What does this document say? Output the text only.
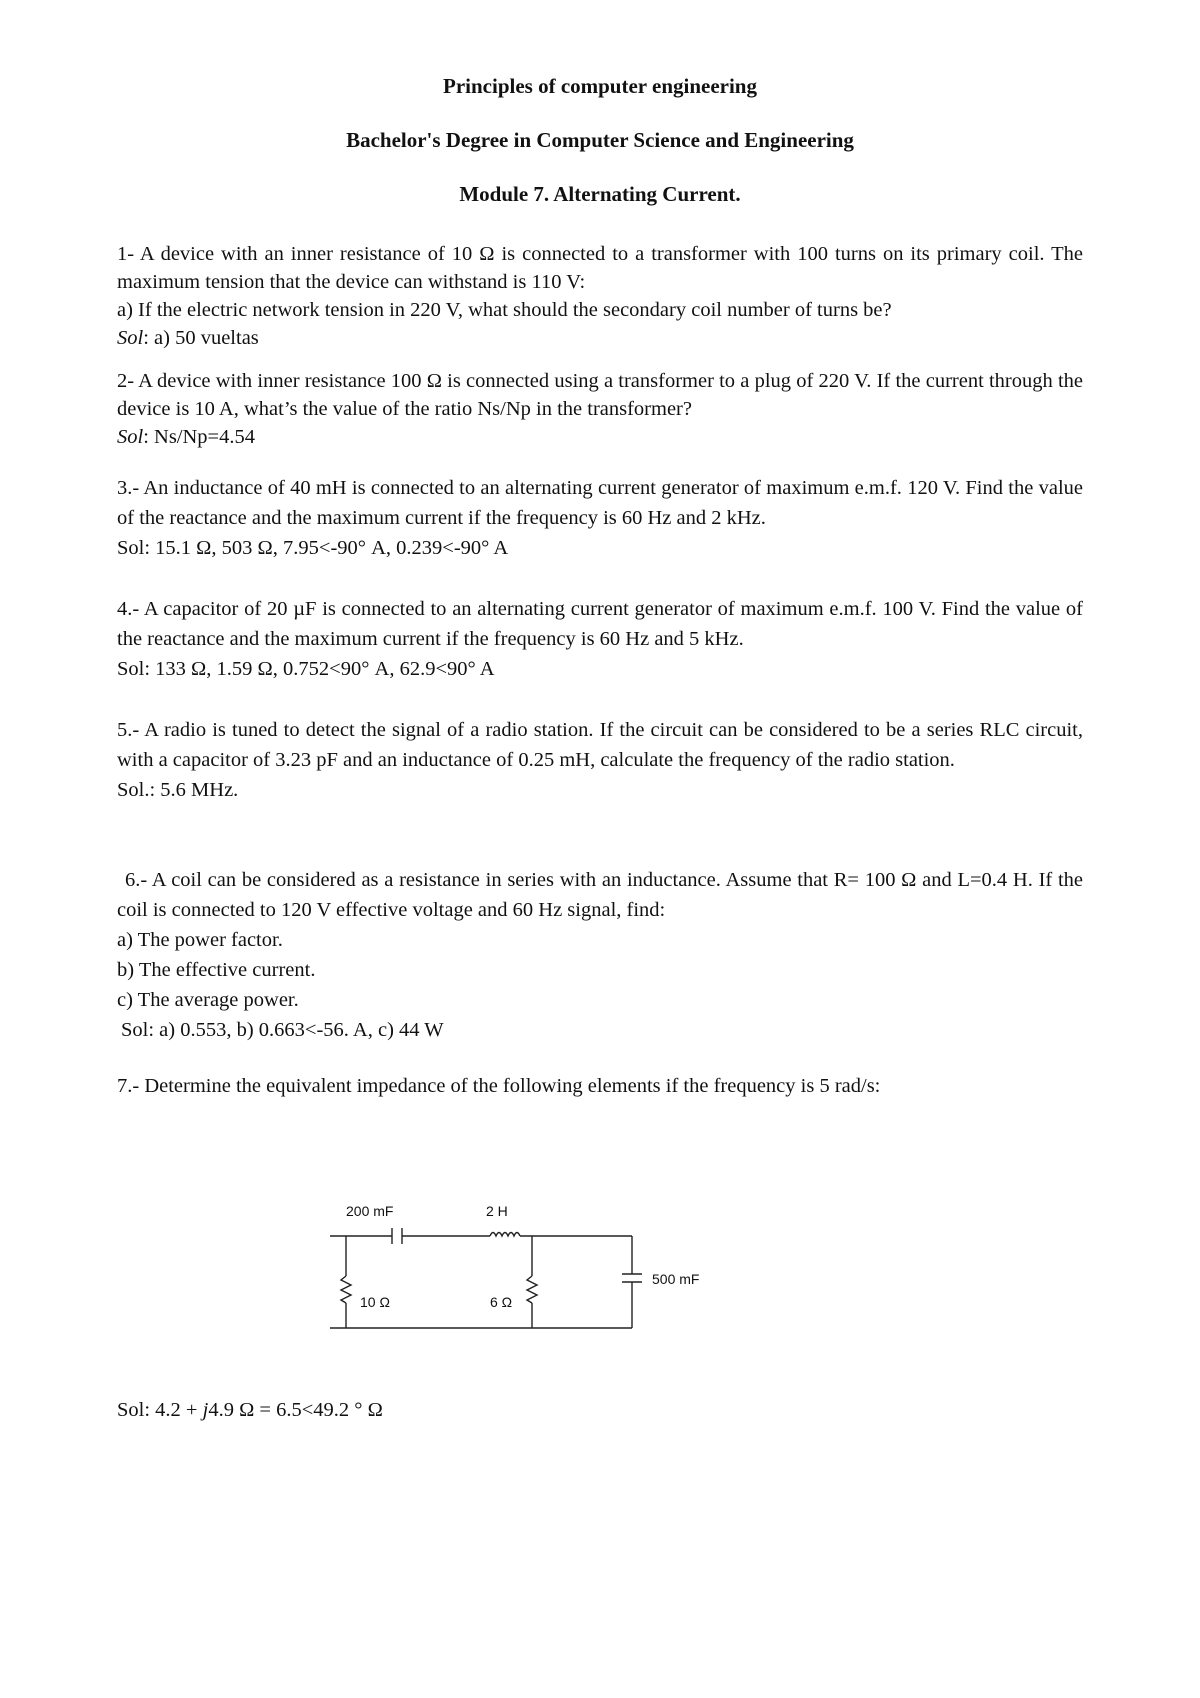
Principles of computer engineering
Bachelor's Degree in Computer Science and Engineering
Module 7. Alternating Current.

1- A device with an inner resistance of 10 Ω is connected to a transformer with 100 turns on its primary coil. The maximum tension that the device can withstand is 110 V:

a) If the electric network tension in 220 V, what should the secondary coil number of turns be?

Sol: a) 50 vueltas

2- A device with inner resistance 100 Ω is connected using a transformer to a plug of 220 V. If the current through the device is 10 A, what’s the value of the ratio Ns/Np in the transformer?

Sol: Ns/Np=4.54

3.- An inductance of 40 mH is connected to an alternating current generator of maximum e.m.f. 120 V. Find the value of the reactance and the maximum current if the frequency is 60 Hz and 2 kHz.

Sol: 15.1 Ω, 503 Ω, 7.95<-90° A, 0.239<-90° A

4.- A capacitor of 20 µF is connected to an alternating current generator of maximum e.m.f. 100 V. Find the value of the reactance and the maximum current if the frequency is 60 Hz and 5 kHz.

Sol: 133 Ω, 1.59 Ω, 0.752<90° A, 62.9<90° A

5.- A radio is tuned to detect the signal of a radio station. If the circuit can be considered to be a series RLC circuit, with a capacitor of 3.23 pF and an inductance of 0.25 mH, calculate the frequency of the radio station.

Sol.: 5.6 MHz.

6.- A coil can be considered as a resistance in series with an inductance. Assume that R= 100 Ω and L=0.4 H. If the coil is connected to 120 V effective voltage and 60 Hz signal, find:

a) The power factor.

b) The effective current.

c) The average power.

Sol: a) 0.553, b) 0.663<-56. A, c) 44 W

7.- Determine the equivalent impedance of the following elements if the frequency is 5 rad/s:

200 mF	2 H
500 mF
10 Ω	6 Ω

Sol: 4.2 + j4.9 Ω = 6.5<49.2 ° Ω
